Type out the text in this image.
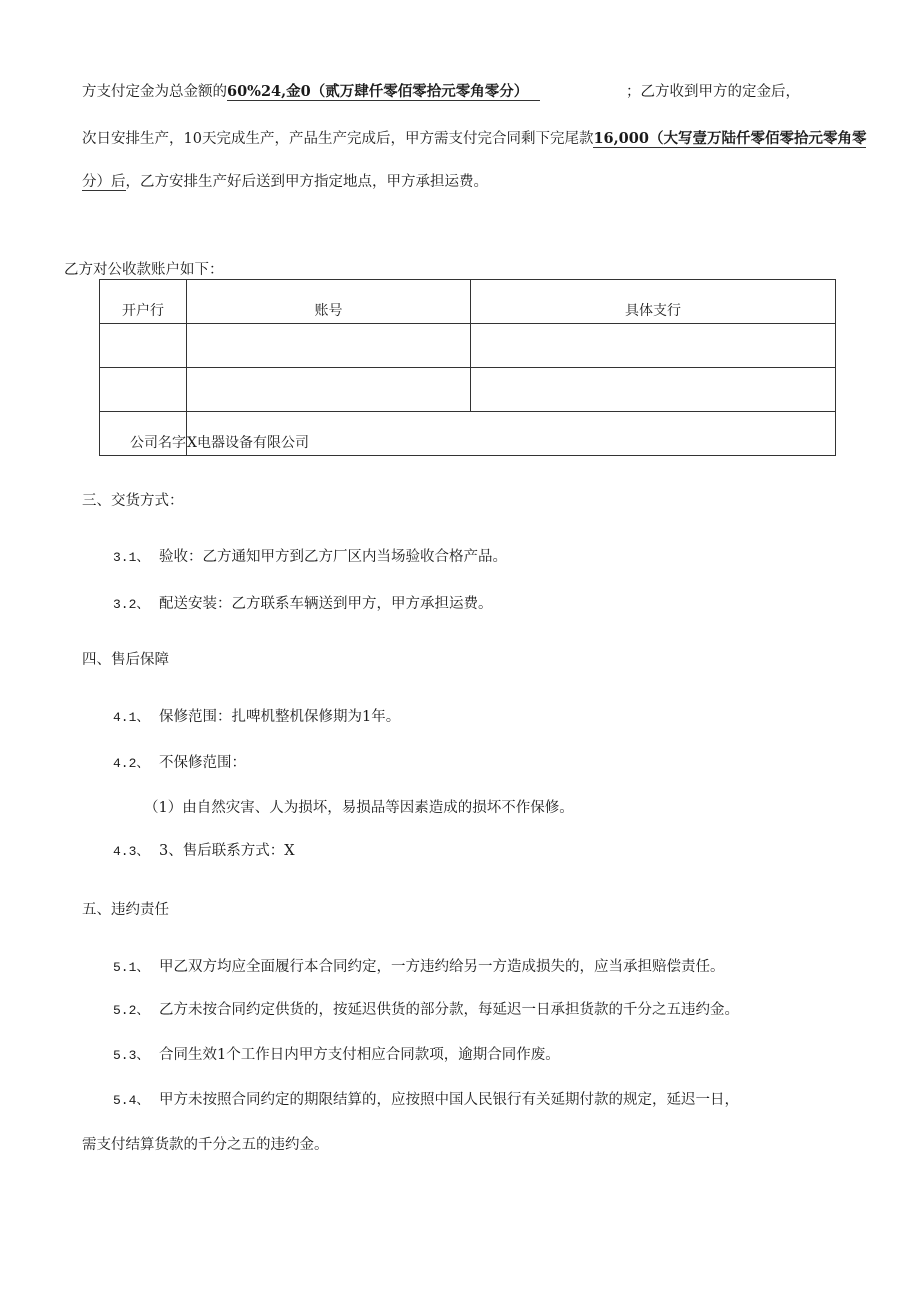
方支付定金为总金额的60%24,金0（贰万肆仟零佰零拾元零角零分）	；乙方收到甲方的定金后，
次日安排生产，10天完成生产，产品生产完成后，甲方需支付完合同剩下完尾款16,000（大写壹万陆仟零佰零拾元零角零
分）后，乙方安排生产好后送到甲方指定地点，甲方承担运费。
乙方对公收款账户如下：
开户行	账号	具体支行

公司名字	X电器设备有限公司	
三、交货方式：
3.1、 验收：乙方通知甲方到乙方厂区内当场验收合格产品。
3.2、 配送安装：乙方联系车辆送到甲方，甲方承担运费。
四、售后保障
4.1、 保修范围：扎啤机整机保修期为1年。
4.2、 不保修范围：
（1）由自然灾害、人为损坏，易损品等因素造成的损坏不作保修。
4.3、 3、售后联系方式：X
五、违约责任
5.1、 甲乙双方均应全面履行本合同约定，一方违约给另一方造成损失的，应当承担赔偿责任。
5.2、 乙方未按合同约定供货的，按延迟供货的部分款，每延迟一日承担货款的千分之五违约金。
5.3、 合同生效1个工作日内甲方支付相应合同款项，逾期合同作废。
5.4、 甲方未按照合同约定的期限结算的，应按照中国人民银行有关延期付款的规定，延迟一日，
需支付结算货款的千分之五的违约金。
